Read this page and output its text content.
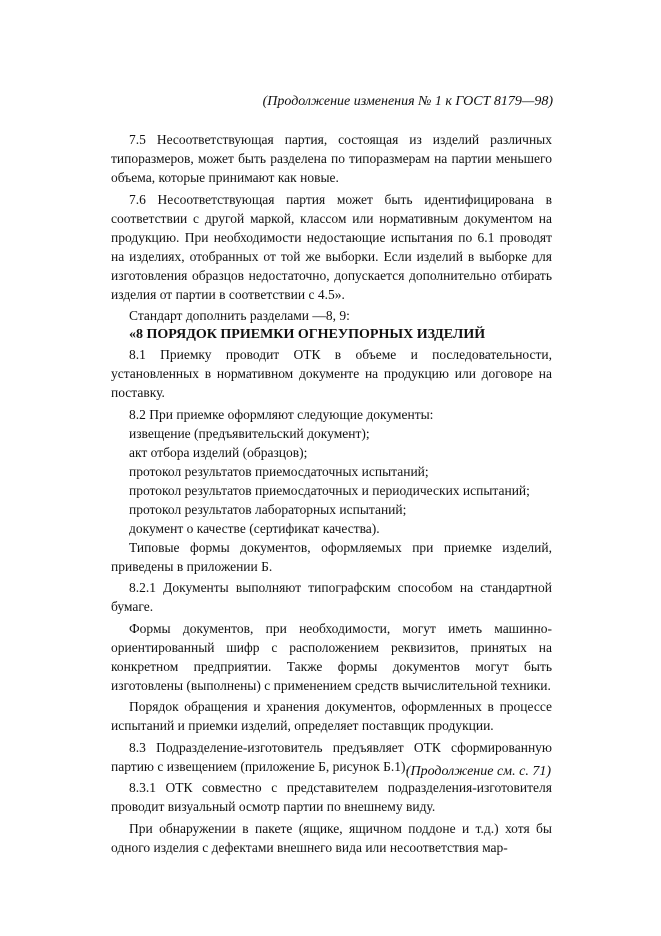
(Продолжение изменения № 1 к ГОСТ 8179—98)

7.5 Несоответствующая партия, состоящая из изделий различных типоразмеров, может быть разделена по типоразмерам на партии меньшего объема, которые принимают как новые.

7.6 Несоответствующая партия может быть идентифицирована в соответствии с другой маркой, классом или нормативным документом на продукцию. При необходимости недостающие испытания по 6.1 проводят на изделиях, отобранных от той же выборки. Если изделий в выборке для изготовления образцов недостаточно, допускается дополнительно отбирать изделия от партии в соответствии с 4.5».

Стандарт дополнить разделами —8, 9:

«8 ПОРЯДОК ПРИЕМКИ ОГНЕУПОРНЫХ ИЗДЕЛИЙ

8.1 Приемку проводит ОТК в объеме и последовательности, установленных в нормативном документе на продукцию или договоре на поставку.

8.2 При приемке оформляют следующие документы:

извещение (предъявительский документ);

акт отбора изделий (образцов);

протокол результатов приемосдаточных испытаний;

протокол результатов приемосдаточных и периодических испытаний;

протокол результатов лабораторных испытаний;

документ о качестве (сертификат качества).

Типовые формы документов, оформляемых при приемке изделий, приведены в приложении Б.

8.2.1 Документы выполняют типографским способом на стандартной бумаге.

Формы документов, при необходимости, могут иметь машинно-ориентированный шифр с расположением реквизитов, принятых на конкретном предприятии. Также формы документов могут быть изготовлены (выполнены) с применением средств вычислительной техники.

Порядок обращения и хранения документов, оформленных в процессе испытаний и приемки изделий, определяет поставщик продукции.

8.3 Подразделение-изготовитель предъявляет ОТК сформированную партию с извещением (приложение Б, рисунок Б.1).

8.3.1 ОТК совместно с представителем подразделения-изготовителя проводит визуальный осмотр партии по внешнему виду.

При обнаружении в пакете (ящике, ящичном поддоне и т.д.) хотя бы одного изделия с дефектами внешнего вида или несоответствия мар-

(Продолжение см. с. 71)
